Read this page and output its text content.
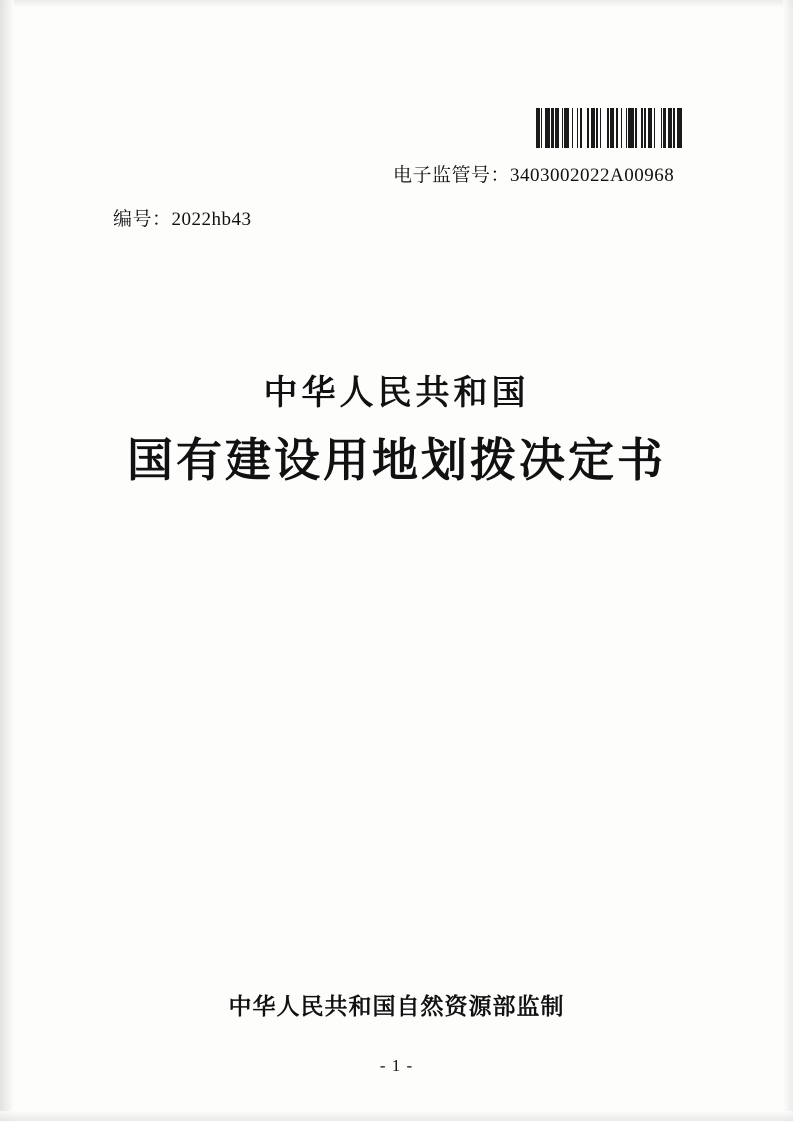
电子监管号：3403002022A00968
编号：2022hb43
中华人民共和国
国有建设用地划拨决定书
中华人民共和国自然资源部监制
- 1 -
